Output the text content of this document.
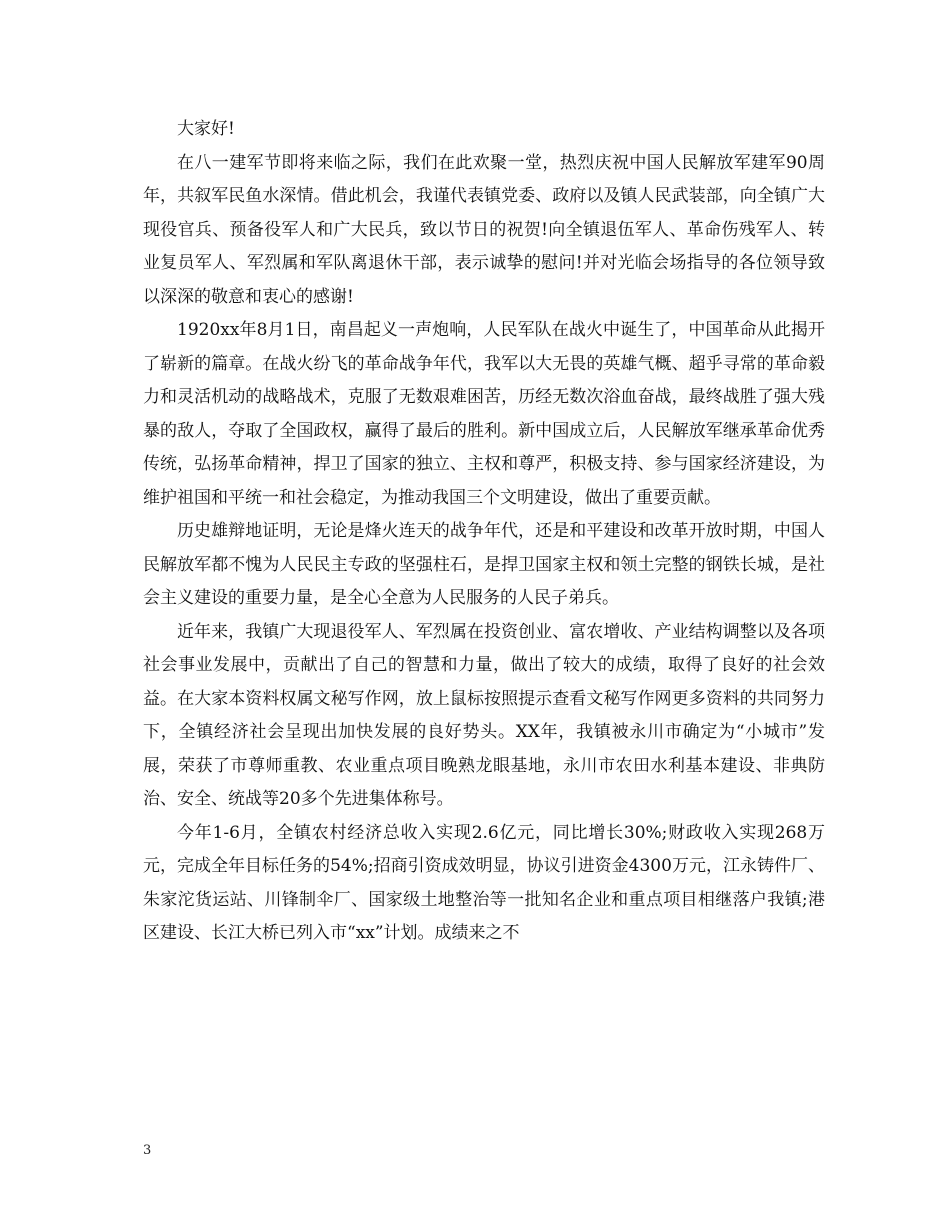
大家好!

在八一建军节即将来临之际，我们在此欢聚一堂，热烈庆祝中国人民解放军建军90周年，共叙军民鱼水深情。借此机会，我谨代表镇党委、政府以及镇人民武装部，向全镇广大现役官兵、预备役军人和广大民兵，致以节日的祝贺!向全镇退伍军人、革命伤残军人、转业复员军人、军烈属和军队离退休干部，表示诚挚的慰问!并对光临会场指导的各位领导致以深深的敬意和衷心的感谢!

1920xx年8月1日，南昌起义一声炮响，人民军队在战火中诞生了，中国革命从此揭开了崭新的篇章。在战火纷飞的革命战争年代，我军以大无畏的英雄气概、超乎寻常的革命毅力和灵活机动的战略战术，克服了无数艰难困苦，历经无数次浴血奋战，最终战胜了强大残暴的敌人，夺取了全国政权，赢得了最后的胜利。新中国成立后，人民解放军继承革命优秀传统，弘扬革命精神，捍卫了国家的独立、主权和尊严，积极支持、参与国家经济建设，为维护祖国和平统一和社会稳定，为推动我国三个文明建设，做出了重要贡献。

历史雄辩地证明，无论是烽火连天的战争年代，还是和平建设和改革开放时期，中国人民解放军都不愧为人民民主专政的坚强柱石，是捍卫国家主权和领土完整的钢铁长城，是社会主义建设的重要力量，是全心全意为人民服务的人民子弟兵。

近年来，我镇广大现退役军人、军烈属在投资创业、富农增收、产业结构调整以及各项社会事业发展中，贡献出了自己的智慧和力量，做出了较大的成绩，取得了良好的社会效益。在大家本资料权属文秘写作网，放上鼠标按照提示查看文秘写作网更多资料的共同努力下，全镇经济社会呈现出加快发展的良好势头。XX年，我镇被永川市确定为“小城市”发展，荣获了市尊师重教、农业重点项目晚熟龙眼基地，永川市农田水利基本建设、非典防治、安全、统战等20多个先进集体称号。

今年1-6月，全镇农村经济总收入实现2.6亿元，同比增长30%;财政收入实现268万元，完成全年目标任务的54%;招商引资成效明显，协议引进资金4300万元，江永铸件厂、朱家沱货运站、川锋制伞厂、国家级土地整治等一批知名企业和重点项目相继落户我镇;港区建设、长江大桥已列入市“xx”计划。成绩来之不

3
